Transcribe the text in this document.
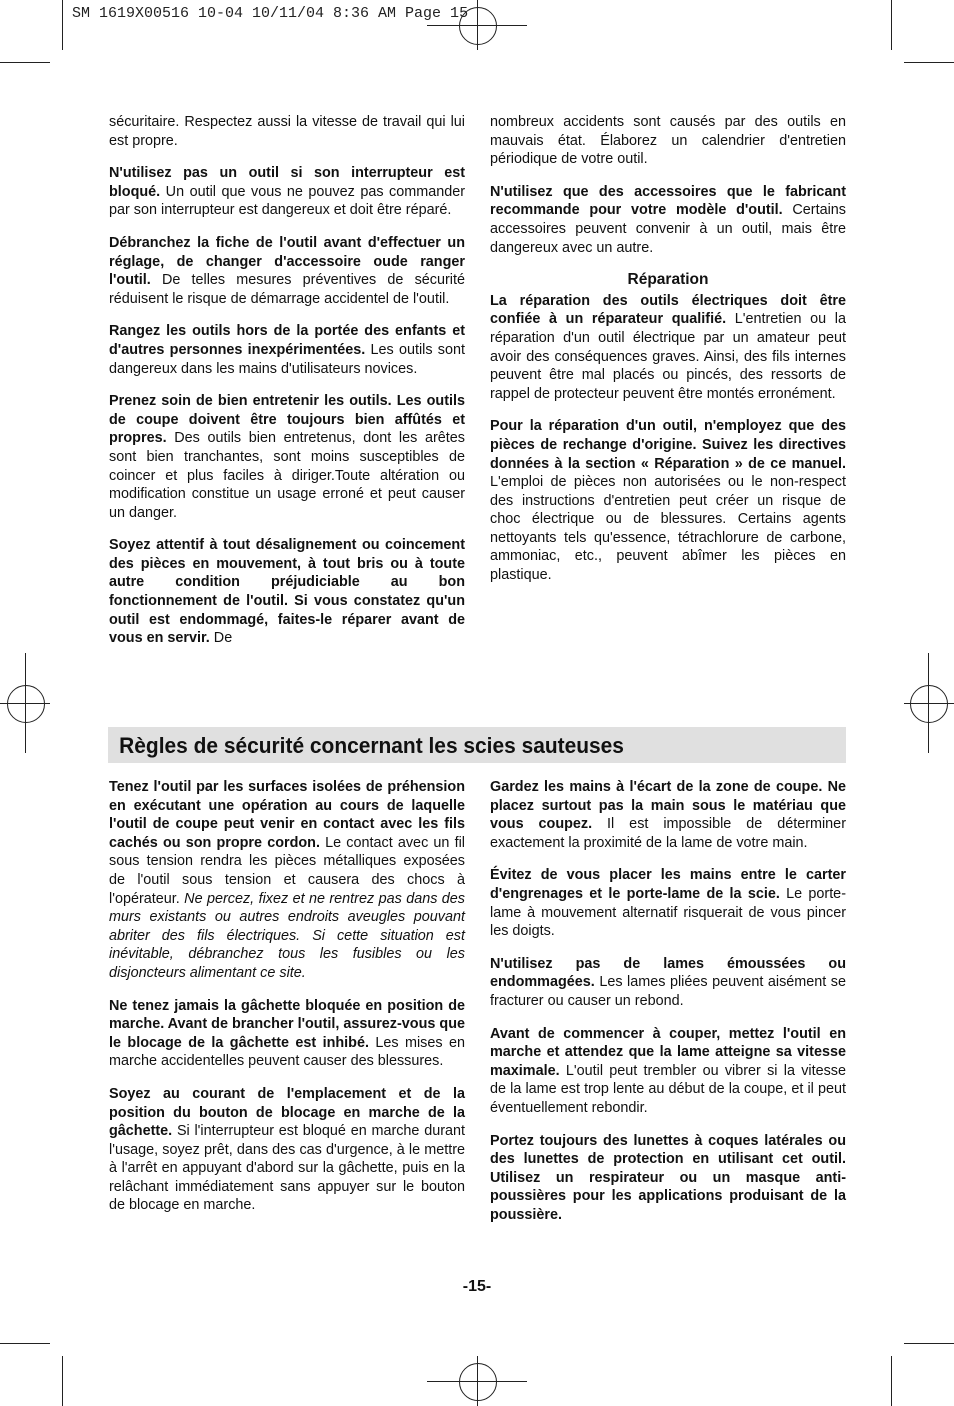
SM 1619X00516 10-04 10/11/04 8:36 AM Page 15

sécuritaire. Respectez aussi la vitesse de travail qui lui est propre.

N'utilisez pas un outil si son interrupteur est bloqué. Un outil que vous ne pouvez pas commander par son interrupteur est dangereux et doit être réparé.

Débranchez la fiche de l'outil avant d'effectuer un réglage, de changer d'accessoire oude ranger l'outil. De telles mesures préventives de sécurité réduisent le risque de démarrage accidentel de l'outil.

Rangez les outils hors de la portée des enfants et d'autres personnes inexpérimentées. Les outils sont dangereux dans les mains d'utilisateurs novices.

Prenez soin de bien entretenir les outils. Les outils de coupe doivent être toujours bien affûtés et propres. Des outils bien entretenus, dont les arêtes sont bien tranchantes, sont moins susceptibles de coincer et plus faciles à diriger.Toute altération ou modification constitue un usage erroné et peut causer un danger.

Soyez attentif à tout désalignement ou coincement des pièces en mouvement, à tout bris ou à toute autre condition préjudiciable au bon fonctionnement de l'outil. Si vous constatez qu'un outil est endommagé, faites-le réparer avant de vous en servir. De

nombreux accidents sont causés par des outils en mauvais état. Élaborez un calendrier d'entretien périodique de votre outil.

N'utilisez que des accessoires que le fabricant recommande pour votre modèle d'outil. Certains accessoires peuvent convenir à un outil, mais être dangereux avec un autre.

Réparation

La réparation des outils électriques doit être confiée à un réparateur qualifié. L'entretien ou la réparation d'un outil électrique par un amateur peut avoir des conséquences graves. Ainsi, des fils internes peuvent être mal placés ou pincés, des ressorts de rappel de protecteur peuvent être montés erronément.

Pour la réparation d'un outil, n'employez que des pièces de rechange d'origine. Suivez les directives données à la section « Réparation » de ce manuel. L'emploi de pièces non autorisées ou le non-respect des instructions d'entretien peut créer un risque de choc électrique ou de blessures. Certains agents nettoyants tels qu'essence, tétrachlorure de carbone, ammoniac, etc., peuvent abîmer les pièces en plastique.

Règles de sécurité concernant les scies sauteuses

Tenez l'outil par les surfaces isolées de préhension en exécutant une opération au cours de laquelle l'outil de coupe peut venir en contact avec les fils cachés ou son propre cordon. Le contact avec un fil sous tension rendra les pièces métalliques exposées de l'outil sous tension et causera des chocs à l'opérateur. Ne percez, fixez et ne rentrez pas dans des murs existants ou autres endroits aveugles pouvant abriter des fils électriques. Si cette situation est inévitable, débranchez tous les fusibles ou les disjoncteurs alimentant ce site.

Ne tenez jamais la gâchette bloquée en position de marche. Avant de brancher l'outil, assurez-vous que le blocage de la gâchette est inhibé. Les mises en marche accidentelles peuvent causer des blessures.

Soyez au courant de l'emplacement et de la position du bouton de blocage en marche de la gâchette. Si l'interrupteur est bloqué en marche durant l'usage, soyez prêt, dans des cas d'urgence, à le mettre à l'arrêt en appuyant d'abord sur la gâchette, puis en la relâchant immédiatement sans appuyer sur le bouton de blocage en marche.

Gardez les mains à l'écart de la zone de coupe. Ne placez surtout pas la main sous le matériau que vous coupez. Il est impossible de déterminer exactement la proximité de la lame de votre main.

Évitez de vous placer les mains entre le carter d'engrenages et le porte-lame de la scie. Le porte-lame à mouvement alternatif risquerait de vous pincer les doigts.

N'utilisez pas de lames émoussées ou endommagées. Les lames pliées peuvent aisément se fracturer ou causer un rebond.

Avant de commencer à couper, mettez l'outil en marche et attendez que la lame atteigne sa vitesse maximale. L'outil peut trembler ou vibrer si la vitesse de la lame est trop lente au début de la coupe, et il peut éventuellement rebondir.

Portez toujours des lunettes à coques latérales ou des lunettes de protection en utilisant cet outil. Utilisez un respirateur ou un masque anti-poussières pour les applications produisant de la poussière.

-15-
